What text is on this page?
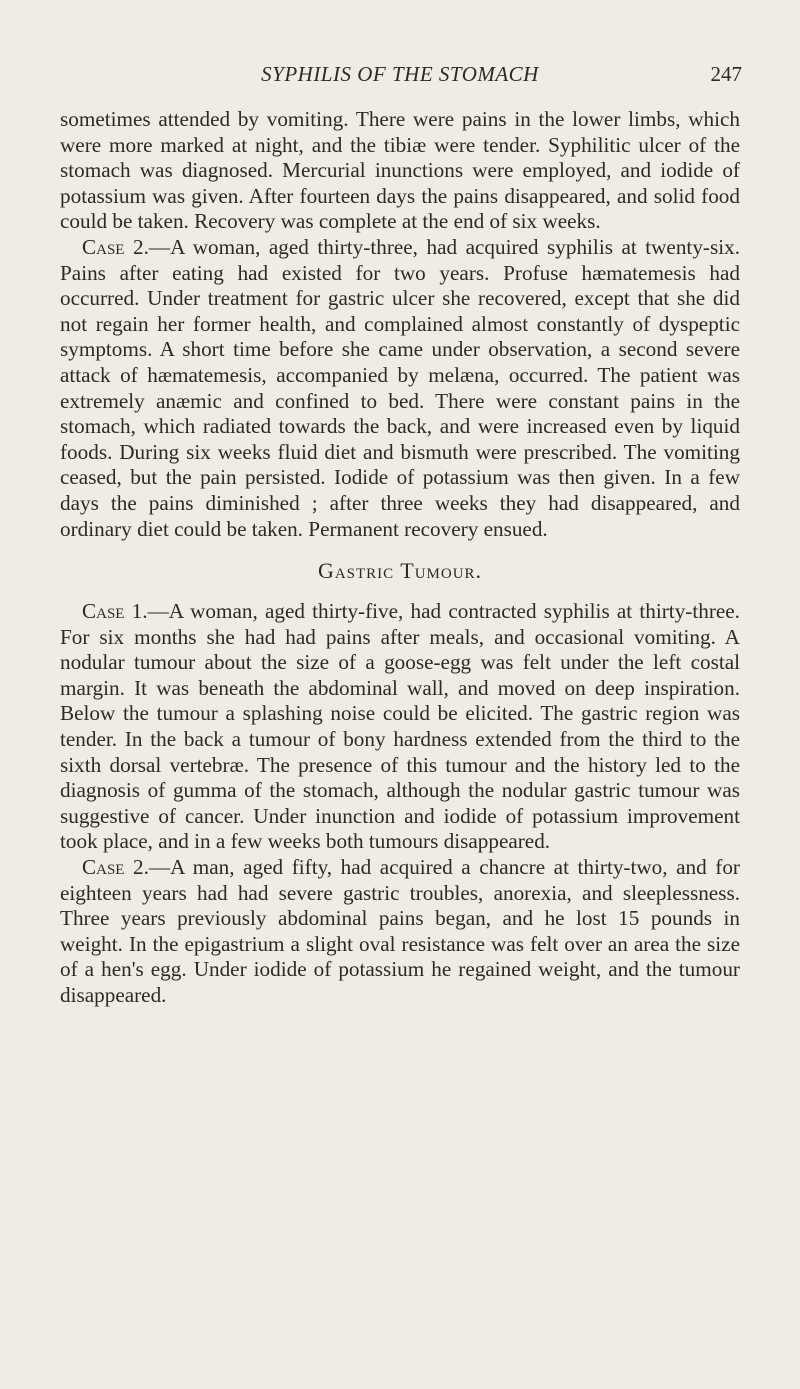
SYPHILIS OF THE STOMACH	247

sometimes attended by vomiting. There were pains in the lower limbs, which were more marked at night, and the tibiæ were tender. Syphilitic ulcer of the stomach was diagnosed. Mercurial inunctions were employed, and iodide of potassium was given. After fourteen days the pains disappeared, and solid food could be taken. Recovery was complete at the end of six weeks.

Case 2.—A woman, aged thirty-three, had acquired syphilis at twenty-six. Pains after eating had existed for two years. Profuse hæmatemesis had occurred. Under treatment for gastric ulcer she recovered, except that she did not regain her former health, and complained almost constantly of dyspeptic symptoms. A short time before she came under observation, a second severe attack of hæmatemesis, accompanied by melæna, occurred. The patient was extremely anæmic and confined to bed. There were constant pains in the stomach, which radiated towards the back, and were increased even by liquid foods. During six weeks fluid diet and bismuth were prescribed. The vomiting ceased, but the pain persisted. Iodide of potassium was then given. In a few days the pains diminished ; after three weeks they had disappeared, and ordinary diet could be taken. Permanent recovery ensued.

Gastric Tumour.

Case 1.—A woman, aged thirty-five, had contracted syphilis at thirty-three. For six months she had had pains after meals, and occasional vomiting. A nodular tumour about the size of a goose-egg was felt under the left costal margin. It was beneath the abdominal wall, and moved on deep inspiration. Below the tumour a splashing noise could be elicited. The gastric region was tender. In the back a tumour of bony hardness extended from the third to the sixth dorsal vertebræ. The presence of this tumour and the history led to the diagnosis of gumma of the stomach, although the nodular gastric tumour was suggestive of cancer. Under inunction and iodide of potassium improvement took place, and in a few weeks both tumours disappeared.

Case 2.—A man, aged fifty, had acquired a chancre at thirty-two, and for eighteen years had had severe gastric troubles, anorexia, and sleeplessness. Three years previously abdominal pains began, and he lost 15 pounds in weight. In the epigastrium a slight oval resistance was felt over an area the size of a hen's egg. Under iodide of potassium he regained weight, and the tumour disappeared.
